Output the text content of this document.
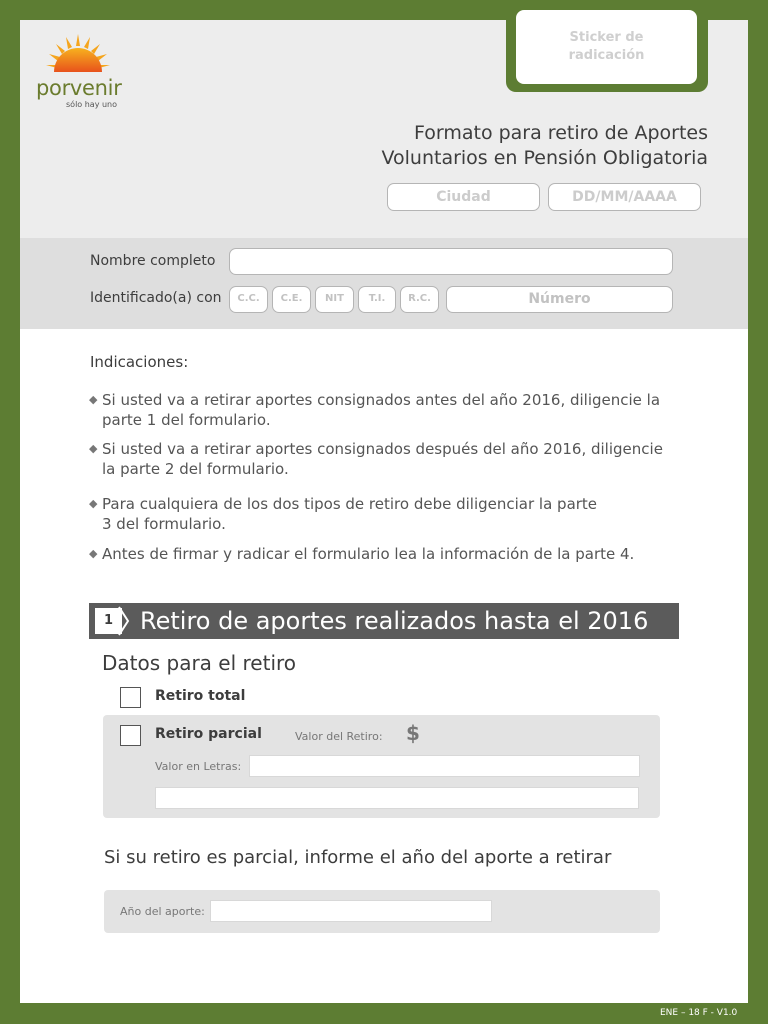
porvenir
sólo hay uno
Sticker de
radicación
Formato para retiro de Aportes
Voluntarios en Pensión Obligatoria
Ciudad	DD/MM/AAAA
Nombre completo
Identificado(a) con	C.C.	C.E.	NIT	T.I.	R.C.	Número
Indicaciones:
◆ Si usted va a retirar aportes consignados antes del año 2016, diligencie la
parte 1 del formulario.
◆ Si usted va a retirar aportes consignados después del año 2016, diligencie
la parte 2 del formulario.
◆ Para cualquiera de los dos tipos de retiro debe diligenciar la parte
3 del formulario.
◆ Antes de firmar y radicar el formulario lea la información de la parte 4.
1	Retiro de aportes realizados hasta el 2016
Datos para el retiro
Retiro total
Retiro parcial	Valor del Retiro: $
Valor en Letras:
Si su retiro es parcial, informe el año del aporte a retirar
Año del aporte:
ENE – 18 F - V1.0
